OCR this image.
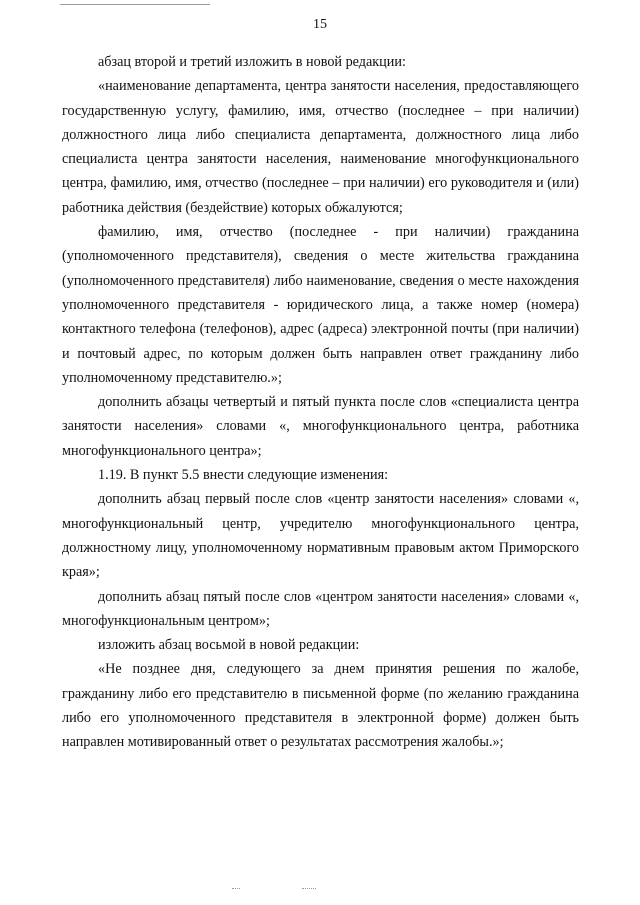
15

абзац второй и третий изложить в новой редакции:

«наименование департамента, центра занятости населения, предоставляющего государственную услугу, фамилию, имя, отчество (последнее – при наличии) должностного лица либо специалиста департамента, должностного лица либо специалиста центра занятости населения, наименование многофункционального центра, фамилию, имя, отчество (последнее – при наличии) его руководителя и (или) работника действия (бездействие) которых обжалуются;

фамилию, имя, отчество (последнее - при наличии) гражданина (уполномоченного представителя), сведения о месте жительства гражданина (уполномоченного представителя) либо наименование, сведения о месте нахождения уполномоченного представителя - юридического лица, а также номер (номера) контактного телефона (телефонов), адрес (адреса) электронной почты (при наличии) и почтовый адрес, по которым должен быть направлен ответ гражданину либо уполномоченному представителю.»;

дополнить абзацы четвертый и пятый пункта после слов «специалиста центра занятости населения» словами «, многофункционального центра, работника многофункционального центра»;

1.19. В пункт 5.5 внести следующие изменения:

дополнить абзац первый после слов «центр занятости населения» словами «, многофункциональный центр, учредителю многофункционального центра, должностному лицу, уполномоченному нормативным правовым актом Приморского края»;

дополнить абзац пятый после слов «центром занятости населения» словами «, многофункциональным центром»;

изложить абзац восьмой в новой редакции:

«Не позднее дня, следующего за днем принятия решения по жалобе, гражданину либо его представителю в письменной форме (по желанию гражданина либо его уполномоченного представителя в электронной форме) должен быть направлен мотивированный ответ о результатах рассмотрения жалобы.»;
